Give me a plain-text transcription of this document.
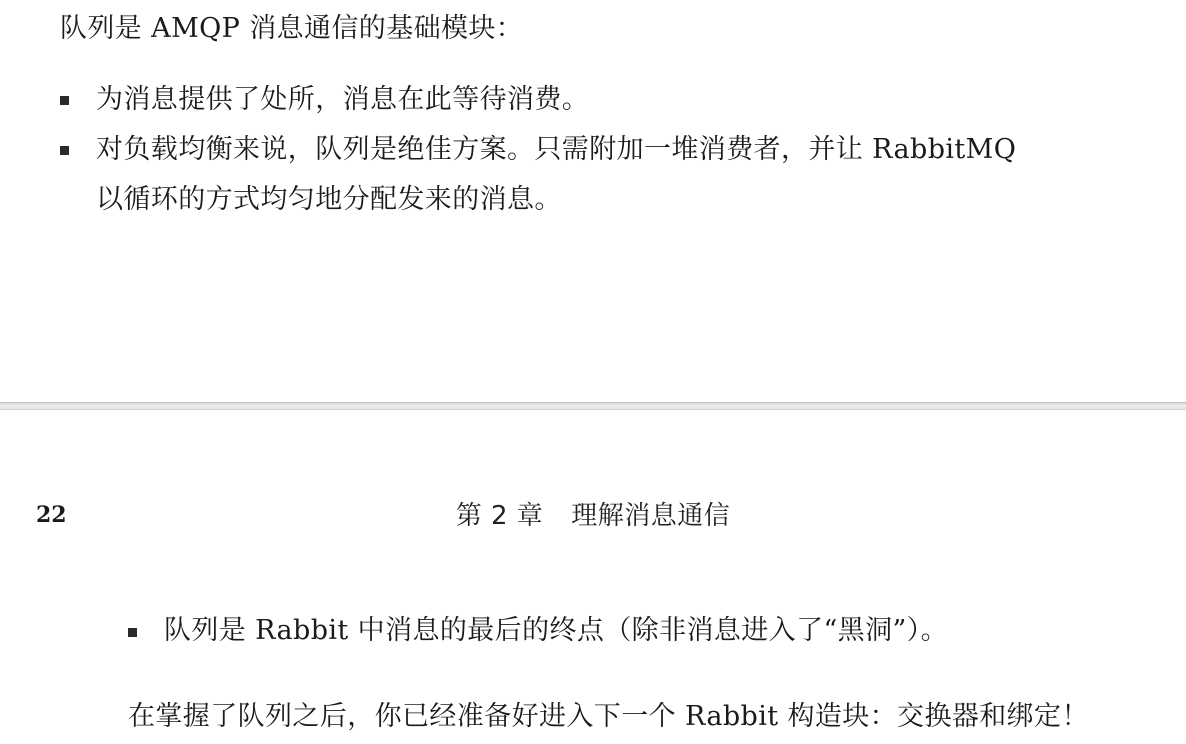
队列是 AMQP 消息通信的基础模块：
为消息提供了处所，消息在此等待消费。
对负载均衡来说，队列是绝佳方案。只需附加一堆消费者，并让 RabbitMQ
以循环的方式均匀地分配发来的消息。
22	第 2 章 理解消息通信
队列是 Rabbit 中消息的最后的终点（除非消息进入了“黑洞”）。
在掌握了队列之后，你已经准备好进入下一个 Rabbit 构造块：交换器和绑定！
